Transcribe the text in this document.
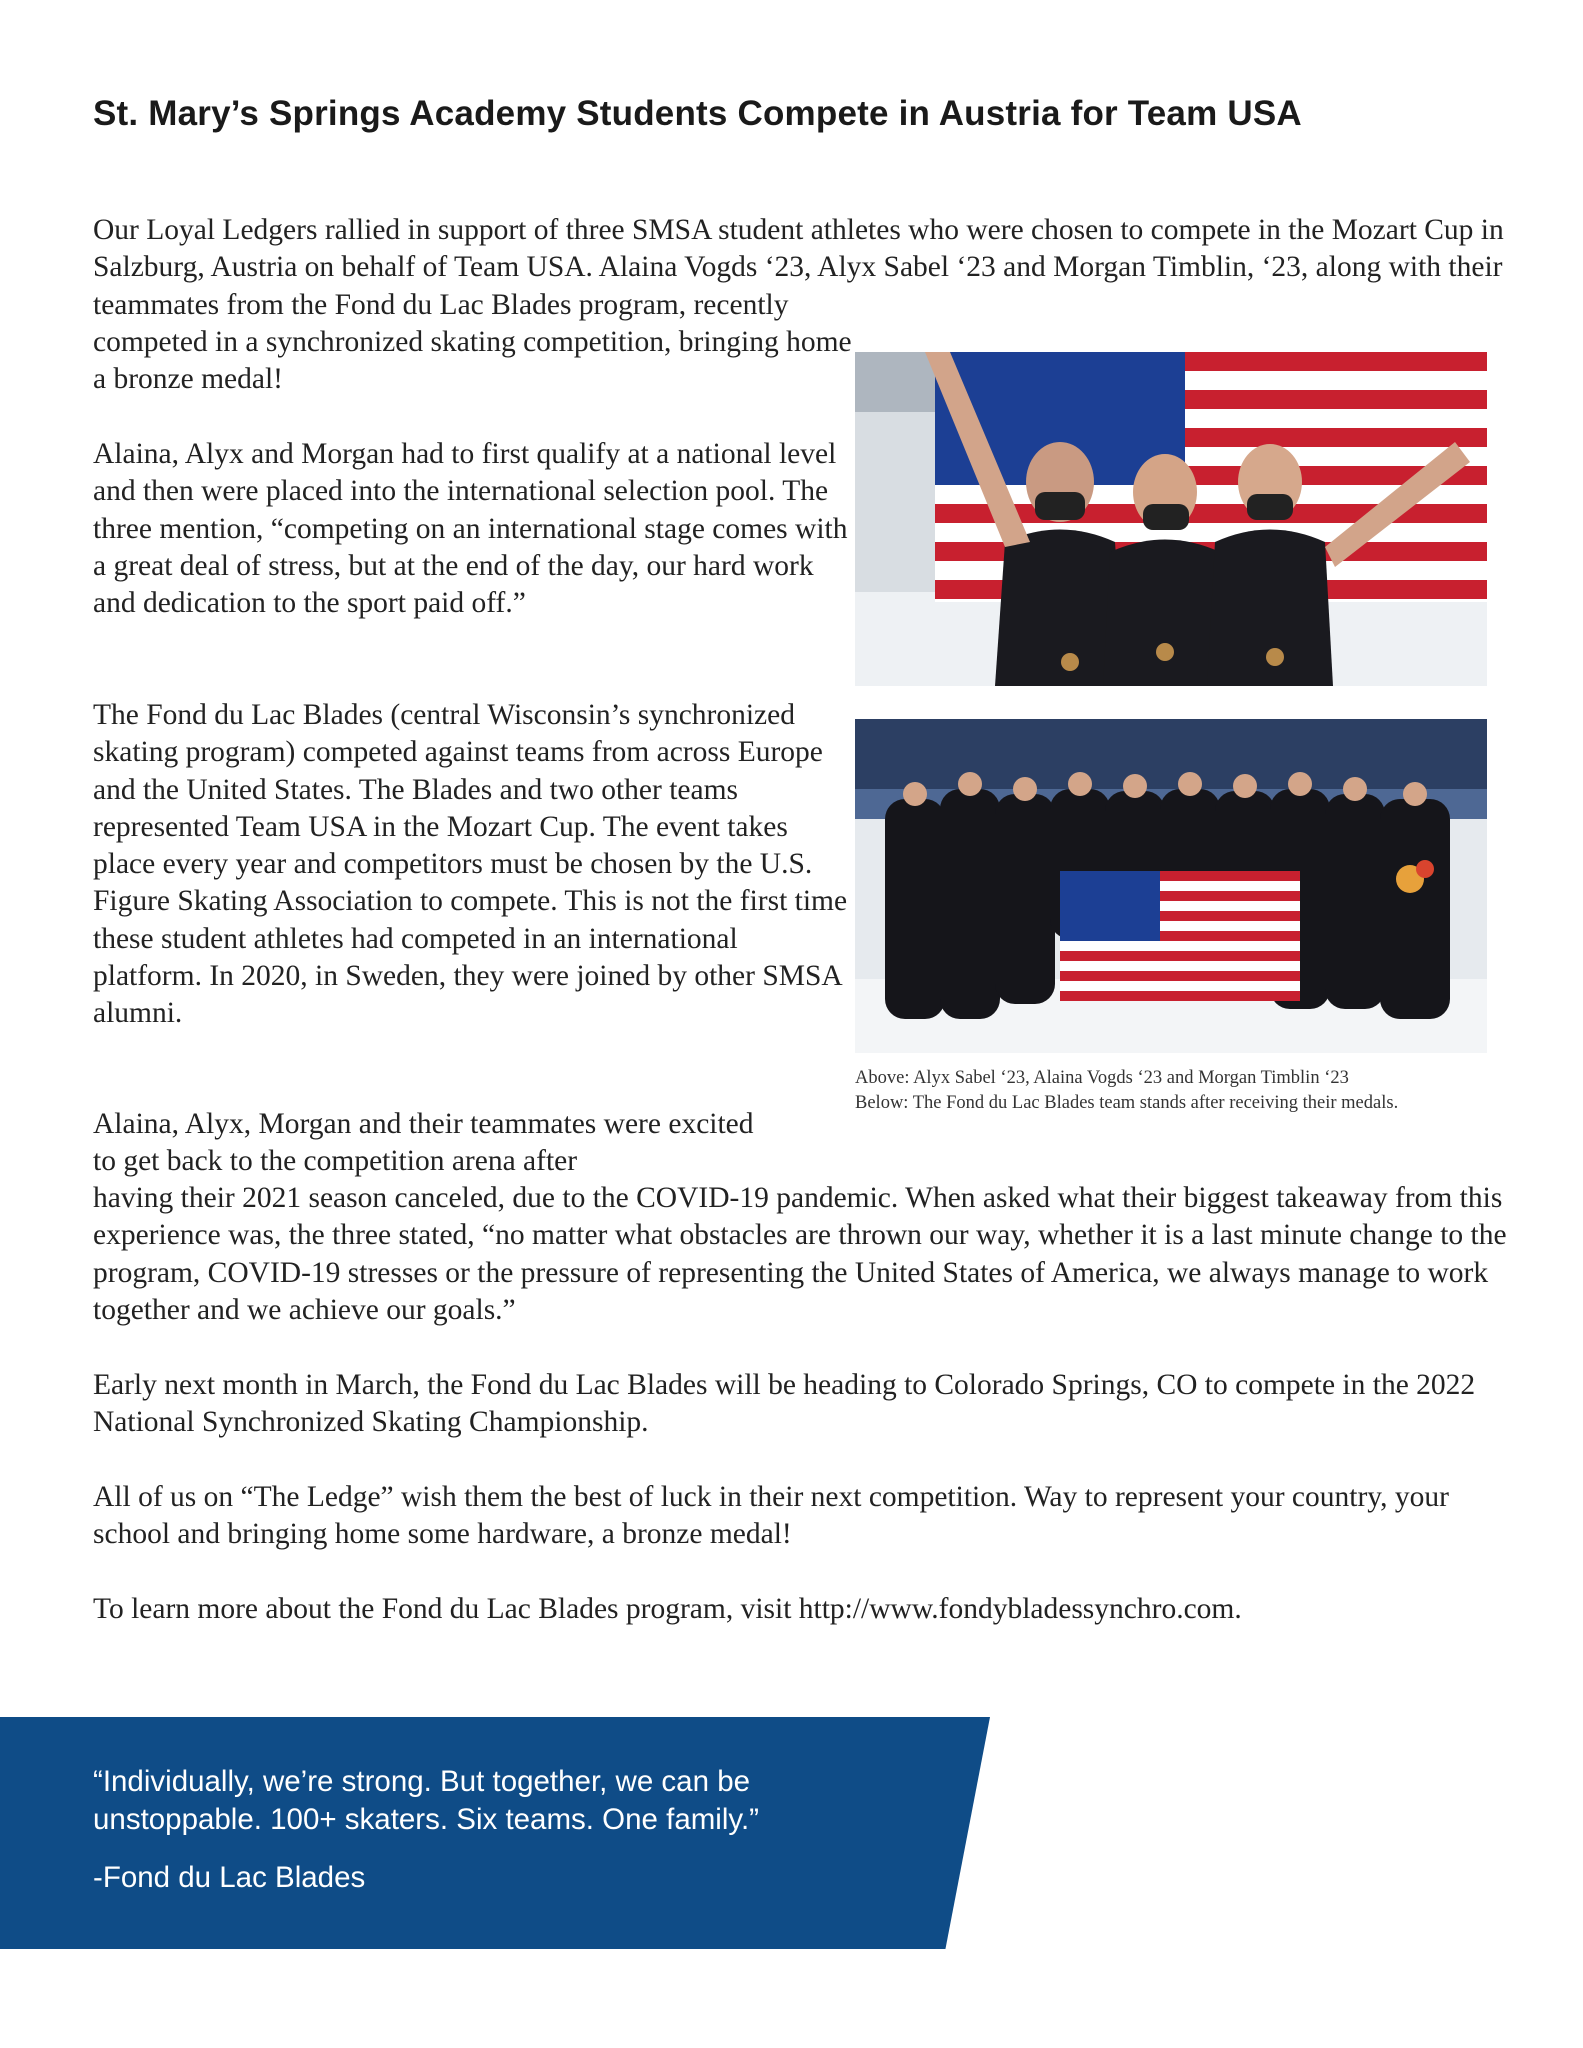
St. Mary’s Springs Academy Students Compete in Austria for Team USA

Our Loyal Ledgers rallied in support of three SMSA student athletes who were chosen to compete in the Mozart Cup in Salzburg, Austria on behalf of Team USA. Alaina Vogds ‘23, Alyx Sabel ‘23 and Morgan Timblin, ‘23, along with their teammates from the Fond du Lac Blades program, recently

competed in a synchronized skating competition, bringing home a bronze medal!

Alaina, Alyx and Morgan had to first qualify at a national level and then were placed into the international selection pool. The three mention, “competing on an international stage comes with a great deal of stress, but at the end of the day, our hard work and dedication to the sport paid off.”

The Fond du Lac Blades (central Wisconsin’s synchronized skating program) competed against teams from across Europe and the United States. The Blades and two other teams represented Team USA in the Mozart Cup. The event takes place every year and competitors must be chosen by the U.S. Figure Skating Association to compete. This is not the first time these student athletes had competed in an international platform. In 2020, in Sweden, they were joined by other SMSA alumni.

Alaina, Alyx, Morgan and their teammates were excited to get back to the competition arena after

having their 2021 season canceled, due to the COVID-19 pandemic. When asked what their biggest takeaway from this experience was, the three stated, “no matter what obstacles are thrown our way, whether it is a last minute change to the program, COVID-19 stresses or the pressure of representing the United States of America, we always manage to work together and we achieve our goals.”

Early next month in March, the Fond du Lac Blades will be heading to Colorado Springs, CO to compete in the 2022 National Synchronized Skating Championship.

All of us on “The Ledge” wish them the best of luck in their next competition. Way to represent your country, your school and bringing home some hardware, a bronze medal!

To learn more about the Fond du Lac Blades program, visit http://www.fondybladessynchro.com.

Above: Alyx Sabel ‘23, Alaina Vogds ‘23 and Morgan Timblin ‘23
Below: The Fond du Lac Blades team stands after receiving their medals.
“Individually, we’re strong. But together, we can be unstoppable. 100+ skaters. Six teams. One family.”
-Fond du Lac Blades
